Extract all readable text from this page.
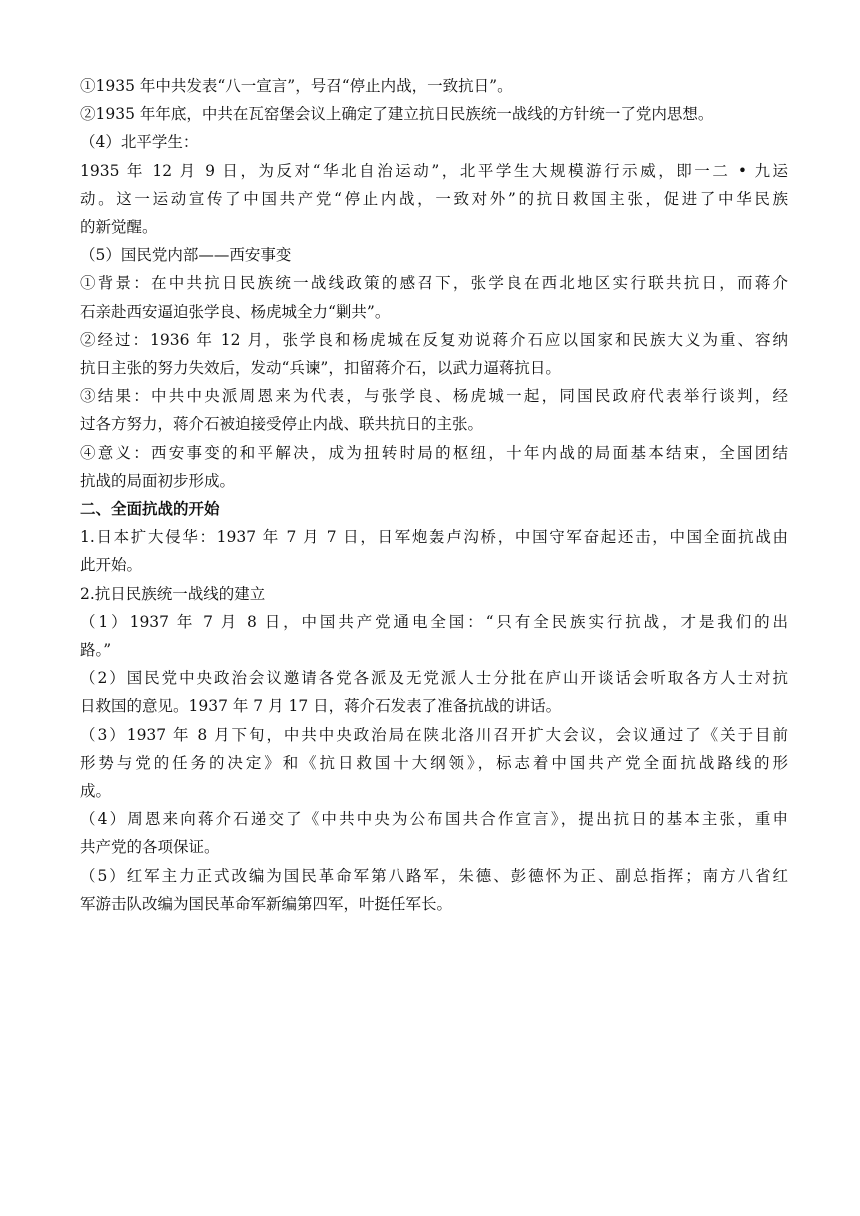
①1935 年中共发表“八一宣言”，号召“停止内战，一致抗日”。

②1935 年年底，中共在瓦窑堡会议上确定了建立抗日民族统一战线的方针统一了党内思想。

（4）北平学生：

1935 年 12 月 9 日，为反对“华北自治运动”，北平学生大规模游行示威，即一二 • 九运

动。这一运动宣传了中国共产党“停止内战，一致对外”的抗日救国主张，促进了中华民族

的新觉醒。

（5）国民党内部——西安事变

①背景：在中共抗日民族统一战线政策的感召下，张学良在西北地区实行联共抗日，而蒋介

石亲赴西安逼迫张学良、杨虎城全力“剿共”。

②经过：1936 年 12 月，张学良和杨虎城在反复劝说蒋介石应以国家和民族大义为重、容纳

抗日主张的努力失效后，发动“兵谏”，扣留蒋介石，以武力逼蒋抗日。

③结果：中共中央派周恩来为代表，与张学良、杨虎城一起，同国民政府代表举行谈判，经

过各方努力，蒋介石被迫接受停止内战、联共抗日的主张。

④意义：西安事变的和平解决，成为扭转时局的枢纽，十年内战的局面基本结束，全国团结

抗战的局面初步形成。

二、全面抗战的开始

1.日本扩大侵华：1937 年 7 月 7 日，日军炮轰卢沟桥，中国守军奋起还击，中国全面抗战由

此开始。

2.抗日民族统一战线的建立

（1）1937 年 7 月 8 日，中国共产党通电全国：“只有全民族实行抗战，才是我们的出

路。”

（2）国民党中央政治会议邀请各党各派及无党派人士分批在庐山开谈话会听取各方人士对抗

日救国的意见。1937 年 7 月 17 日，蒋介石发表了准备抗战的讲话。

（3）1937 年 8 月下旬，中共中央政治局在陕北洛川召开扩大会议，会议通过了《关于目前

形势与党的任务的决定》和《抗日救国十大纲领》，标志着中国共产党全面抗战路线的形

成。

（4）周恩来向蒋介石递交了《中共中央为公布国共合作宣言》，提出抗日的基本主张，重申

共产党的各项保证。

（5）红军主力正式改编为国民革命军第八路军，朱德、彭德怀为正、副总指挥；南方八省红

军游击队改编为国民革命军新编第四军，叶挺任军长。
